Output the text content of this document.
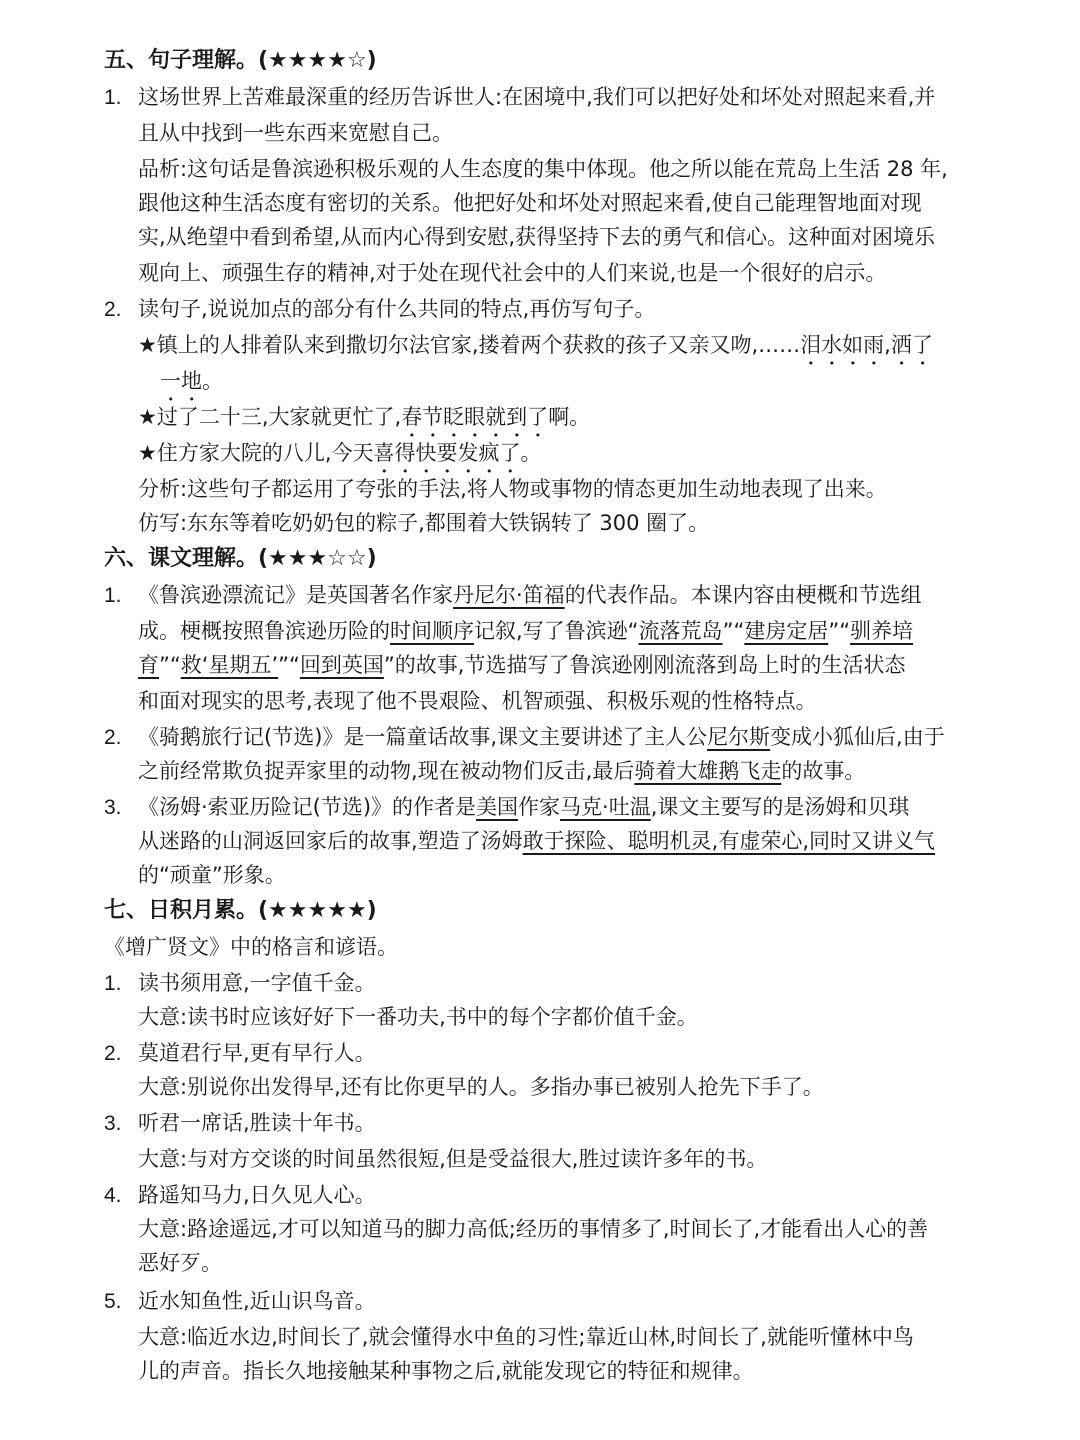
五、句子理解。(★★★★☆)
1. 这场世界上苦难最深重的经历告诉世人:在困境中,我们可以把好处和坏处对照起来看,并
且从中找到一些东西来宽慰自己。
品析:这句话是鲁滨逊积极乐观的人生态度的集中体现。他之所以能在荒岛上生活 28 年,
跟他这种生活态度有密切的关系。他把好处和坏处对照起来看,使自己能理智地面对现
实,从绝望中看到希望,从而内心得到安慰,获得坚持下去的勇气和信心。这种面对困境乐
观向上、顽强生存的精神,对于处在现代社会中的人们来说,也是一个很好的启示。
2. 读句子,说说加点的部分有什么共同的特点,再仿写句子。
★镇上的人排着队来到撒切尔法官家,搂着两个获救的孩子又亲又吻,……泪水如雨,洒了
一地。
★过了二十三,大家就更忙了,春节眨眼就到了啊。
★住方家大院的八儿,今天喜得快要发疯了。
分析:这些句子都运用了夸张的手法,将人物或事物的情态更加生动地表现了出来。
仿写:东东等着吃奶奶包的粽子,都围着大铁锅转了 300 圈了。
六、课文理解。(★★★☆☆)
1. 《鲁滨逊漂流记》是英国著名作家丹尼尔·笛福的代表作品。本课内容由梗概和节选组
成。梗概按照鲁滨逊历险的时间顺序记叙,写了鲁滨逊“流落荒岛”“建房定居”“驯养培
育”“救‘星期五’”“回到英国”的故事,节选描写了鲁滨逊刚刚流落到岛上时的生活状态
和面对现实的思考,表现了他不畏艰险、机智顽强、积极乐观的性格特点。
2. 《骑鹅旅行记(节选)》是一篇童话故事,课文主要讲述了主人公尼尔斯变成小狐仙后,由于
之前经常欺负捉弄家里的动物,现在被动物们反击,最后骑着大雄鹅飞走的故事。
3. 《汤姆·索亚历险记(节选)》的作者是美国作家马克·吐温,课文主要写的是汤姆和贝琪
从迷路的山洞返回家后的故事,塑造了汤姆敢于探险、聪明机灵,有虚荣心,同时又讲义气
的“顽童”形象。
七、日积月累。(★★★★★)
《增广贤文》中的格言和谚语。
1. 读书须用意,一字值千金。
大意:读书时应该好好下一番功夫,书中的每个字都价值千金。
2. 莫道君行早,更有早行人。
大意:别说你出发得早,还有比你更早的人。多指办事已被别人抢先下手了。
3. 听君一席话,胜读十年书。
大意:与对方交谈的时间虽然很短,但是受益很大,胜过读许多年的书。
4. 路遥知马力,日久见人心。
大意:路途遥远,才可以知道马的脚力高低;经历的事情多了,时间长了,才能看出人心的善
恶好歹。
5. 近水知鱼性,近山识鸟音。
大意:临近水边,时间长了,就会懂得水中鱼的习性;靠近山林,时间长了,就能听懂林中鸟
儿的声音。指长久地接触某种事物之后,就能发现它的特征和规律。
